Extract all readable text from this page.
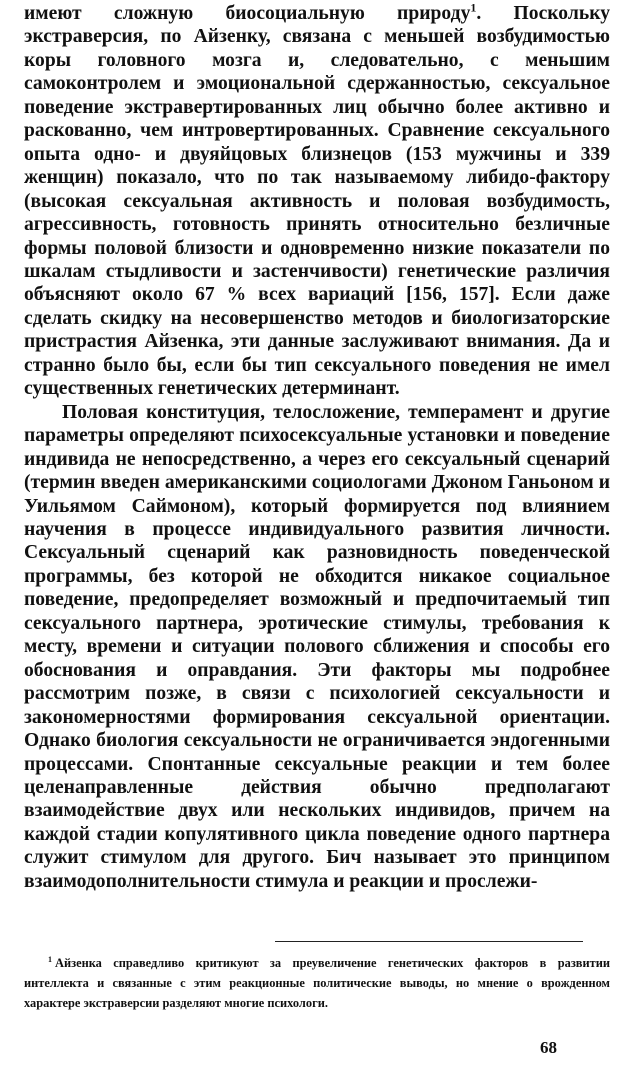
имеют сложную биосоциальную природу$^1$. Поскольку экстраверсия, по Айзенку, связана с меньшей возбудимостью коры головного мозга и, следовательно, с меньшим самоконтролем и эмоциональной сдержанностью, сексуальное поведение экстравертированных лиц обычно более активно и раскованно, чем интровертированных. Сравнение сексуального опыта одно- и двуяйцовых близнецов (153 мужчины и 339 женщин) показало, что по так называемому либидо-фактору (высокая сексуальная активность и половая возбудимость, агрессивность, готовность принять относительно безличные формы половой близости и одновременно низкие показатели по шкалам стыдливости и застенчивости) генетические различия объясняют около 67 % всех вариаций [156, 157]. Если даже сделать скидку на несовершенство методов и биологизаторские пристрастия Айзенка, эти данные заслуживают внимания. Да и странно было бы, если бы тип сексуального поведения не имел существенных генетических детерминант.

Половая конституция, телосложение, темперамент и другие параметры определяют психосексуальные установки и поведение индивида не непосредственно, а через его сексуальный сценарий (термин введен американскими социологами Джоном Ганьоном и Уильямом Саймоном), который формируется под влиянием научения в процессе индивидуального развития личности. Сексуальный сценарий как разновидность поведенческой программы, без которой не обходится никакое социальное поведение, предопределяет возможный и предпочитаемый тип сексуального партнера, эротические стимулы, требования к месту, времени и ситуации полового сближения и способы его обоснования и оправдания. Эти факторы мы подробнее рассмотрим позже, в связи с психологией сексуальности и закономерностями формирования сексуальной ориентации. Однако биология сексуальности не ограничивается эндогенными процессами. Спонтанные сексуальные реакции и тем более целенаправленные действия обычно предполагают взаимодействие двух или нескольких индивидов, причем на каждой стадии копулятивного цикла поведение одного партнера служит стимулом для другого. Бич называет это принципом взаимодополнительности стимула и реакции и прослежи-

$^1$ Айзенка справедливо критикуют за преувеличение генетических факторов в развитии интеллекта и связанные с этим реакционные политические выводы, но мнение о врожденном характере экстраверсии разделяют многие психологи.

68
